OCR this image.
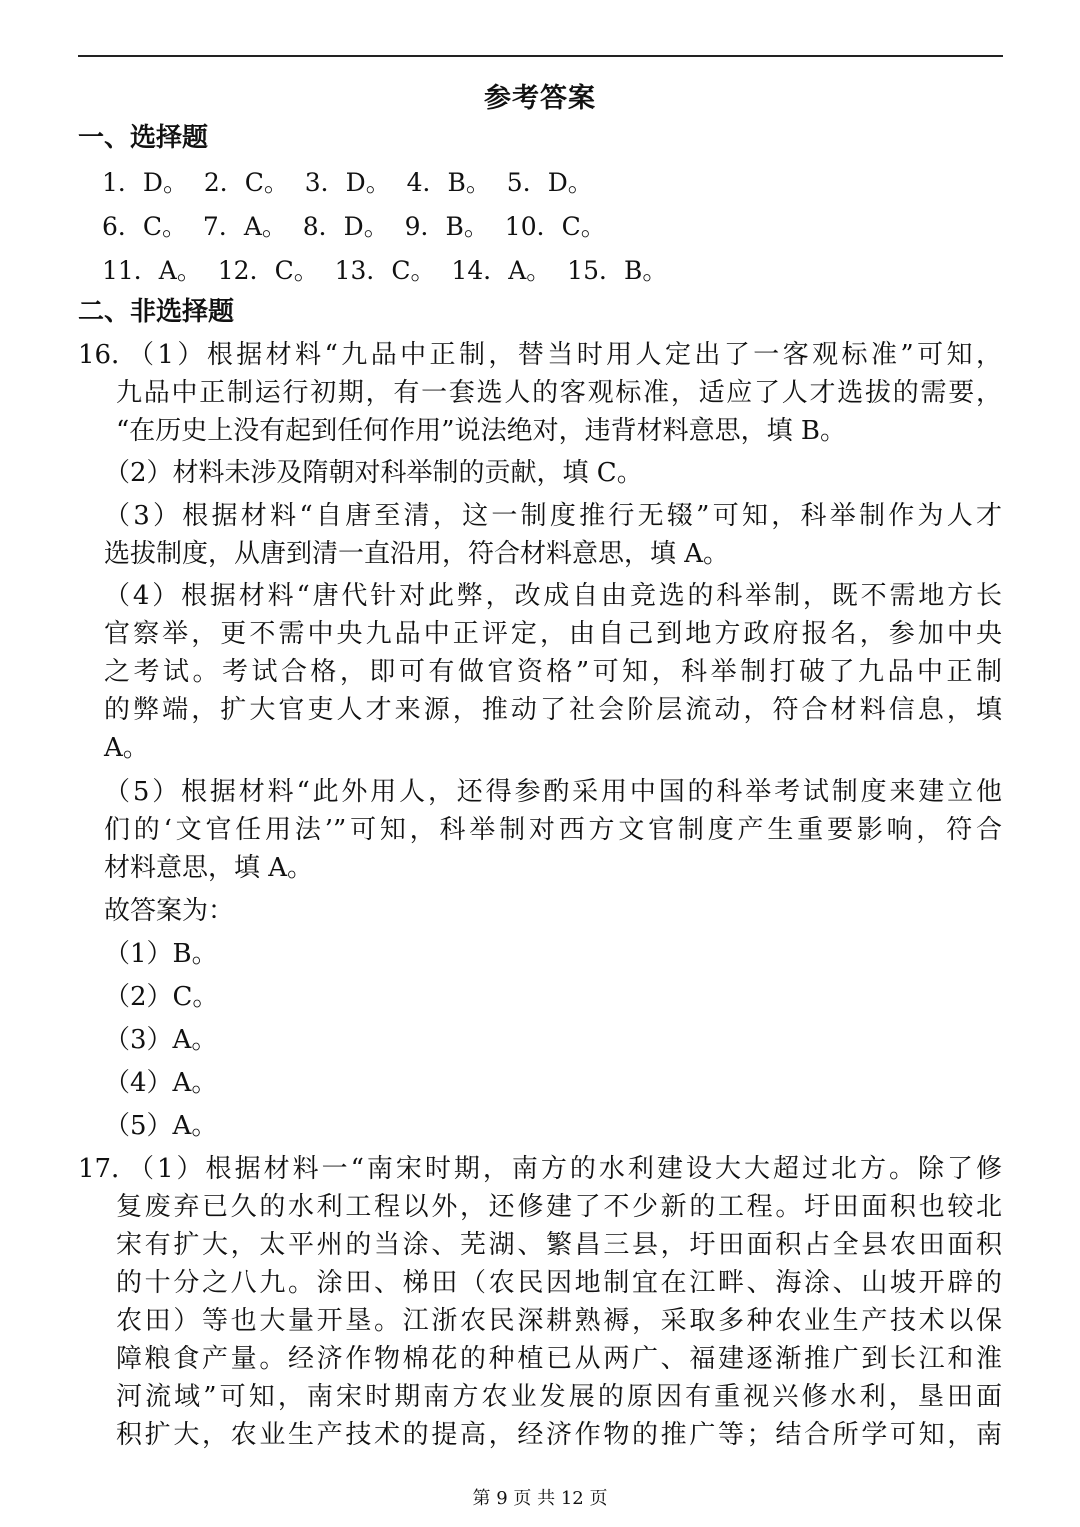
参考答案
一、选择题
1．D。  2．C。  3．D。  4．B。  5．D。
6．C。  7．A。  8．D。  9．B。  10．C。
11．A。  12．C。  13．C。  14．A。  15．B。
二、非选择题
16．
（1）根据材料“九品中正制，替当时用人定出了一客观标准”可知，
九品中正制运行初期，有一套选人的客观标准，适应了人才选拔的需要，
“在历史上没有起到任何作用”说法绝对，违背材料意思，填 B。
（2）材料未涉及隋朝对科举制的贡献，填 C。
（3）根据材料“自唐至清，这一制度推行无辍”可知，科举制作为人才
选拔制度，从唐到清一直沿用，符合材料意思，填 A。
（4）根据材料“唐代针对此弊，改成自由竞选的科举制，既不需地方长
官察举，更不需中央九品中正评定，由自己到地方政府报名，参加中央
之考试。考试合格，即可有做官资格”可知，科举制打破了九品中正制
的弊端，扩大官吏人才来源，推动了社会阶层流动，符合材料信息，填
A。
（5）根据材料“此外用人，还得参酌采用中国的科举考试制度来建立他
们的‘文官任用法’”可知，科举制对西方文官制度产生重要影响，符合
材料意思，填 A。
故答案为：
（1）B。
（2）C。
（3）A。
（4）A。
（5）A。
17．
（1）根据材料一“南宋时期，南方的水利建设大大超过北方。除了修
复废弃已久的水利工程以外，还修建了不少新的工程。圩田面积也较北
宋有扩大，太平州的当涂、芜湖、繁昌三县，圩田面积占全县农田面积
的十分之八九。涂田、梯田（农民因地制宜在江畔、海涂、山坡开辟的
农田）等也大量开垦。江浙农民深耕熟褥，采取多种农业生产技术以保
障粮食产量。经济作物棉花的种植已从两广、福建逐渐推广到长江和淮
河流域”可知，南宋时期南方农业发展的原因有重视兴修水利，垦田面
积扩大，农业生产技术的提高，经济作物的推广等；结合所学可知，南
第 9 页 共 12 页
